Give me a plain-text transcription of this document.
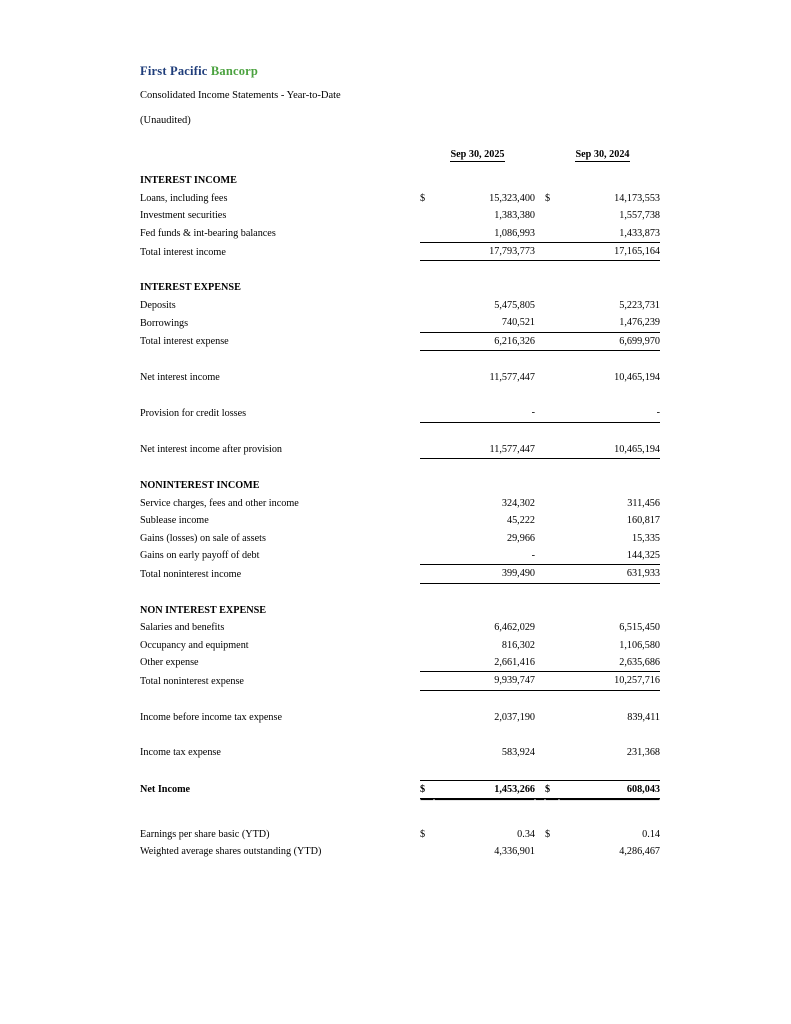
First Pacific Bancorp
Consolidated Income Statements - Year-to-Date
(Unaudited)
	Sep 30, 2025			Sep 30, 2024	

INTEREST INCOME					
Loans, including fees	$	15,323,400		$	14,173,553
Investment securities		1,383,380			1,557,738
Fed funds & int-bearing balances		1,086,993			1,433,873
Total interest income		17,793,773			17,165,164

INTEREST EXPENSE					
Deposits		5,475,805			5,223,731
Borrowings		740,521			1,476,239
Total interest expense		6,216,326			6,699,970

Net interest income		11,577,447			10,465,194

Provision for credit losses		-			-

Net interest income after provision		11,577,447			10,465,194

NONINTEREST INCOME					
Service charges, fees and other income		324,302			311,456
Sublease income		45,222			160,817
Gains (losses) on sale of assets		29,966			15,335
Gains on early payoff of debt		-			144,325
Total noninterest income		399,490			631,933

NON INTEREST EXPENSE					
Salaries and benefits		6,462,029			6,515,450
Occupancy and equipment		816,302			1,106,580
Other expense		2,661,416			2,635,686
Total noninterest expense		9,939,747			10,257,716

Income before income tax expense		2,037,190			839,411

Income tax expense		583,924			231,368

Net Income	$	1,453,266		$	608,043

Earnings per share basic (YTD)	$	0.34		$	0.14
Weighted average shares outstanding (YTD)		4,336,901			4,286,467
